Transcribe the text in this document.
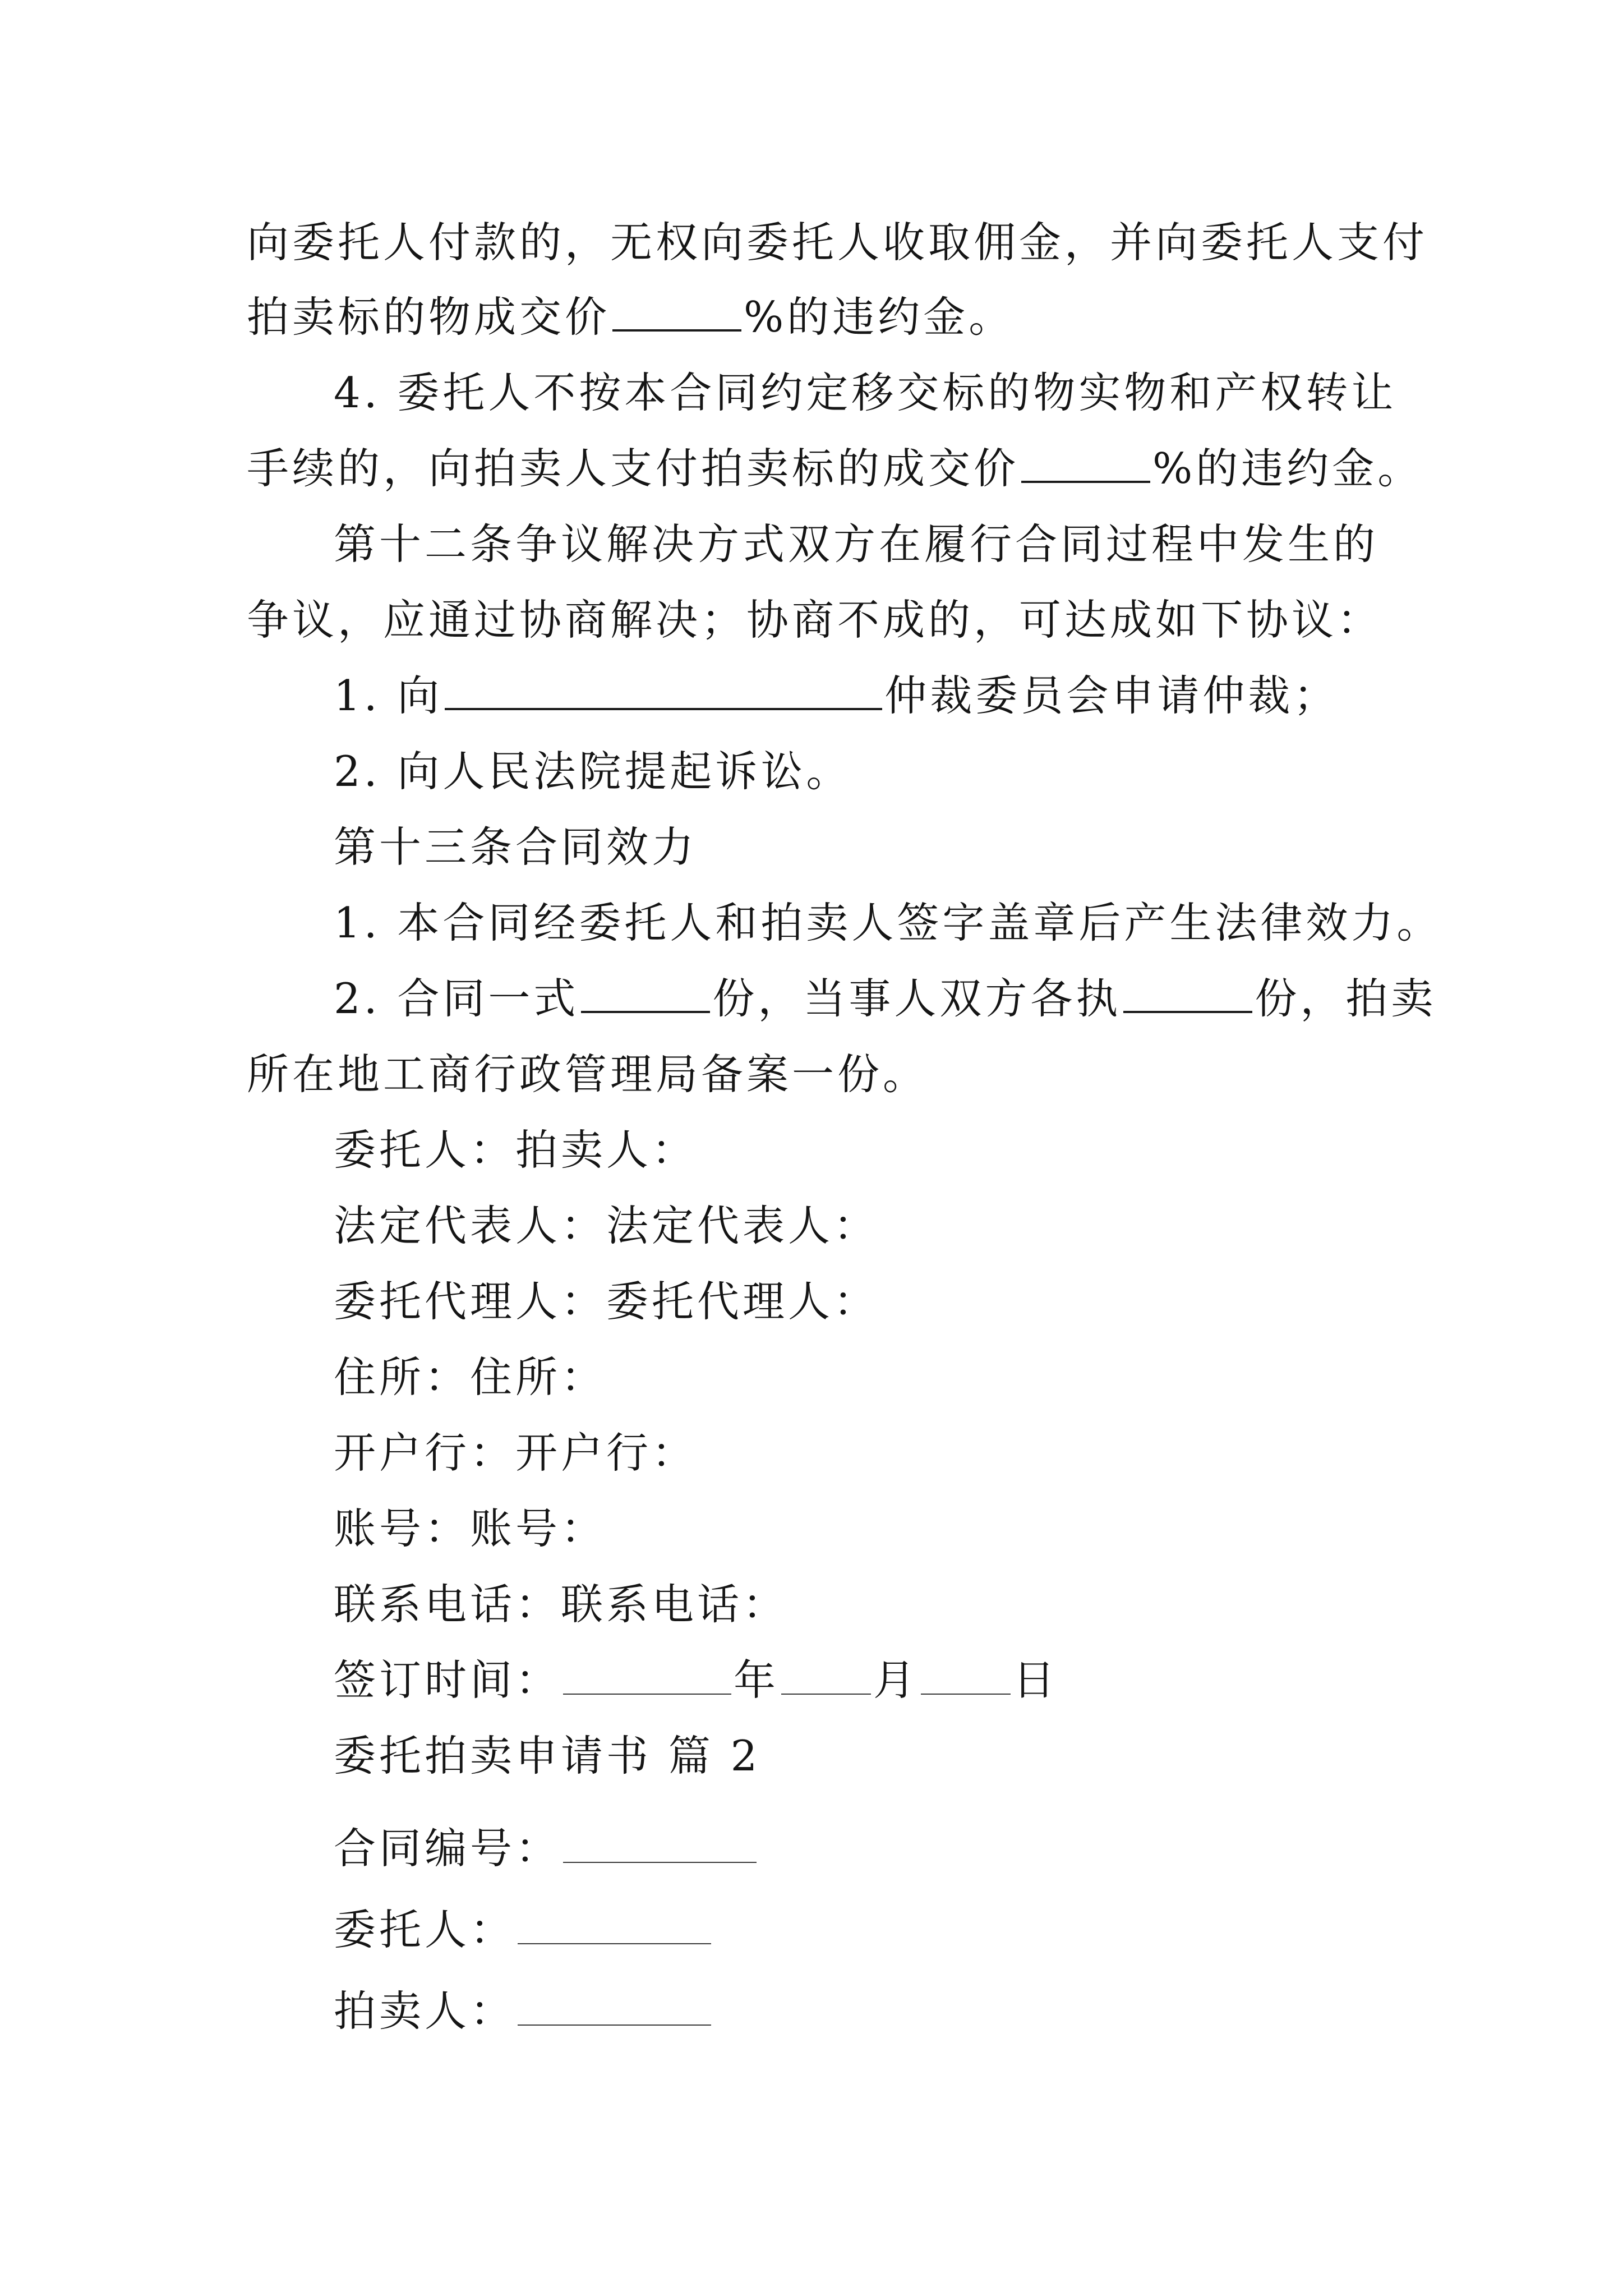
向委托人付款的，无权向委托人收取佣金，并向委托人支付
拍卖标的物成交价	%的违约金。
4. 委托人不按本合同约定移交标的物实物和产权转让
手续的，向拍卖人支付拍卖标的成交价	%的违约金。
第十二条争议解决方式双方在履行合同过程中发生的
争议，应通过协商解决；协商不成的，可达成如下协议：
1. 向	仲裁委员会申请仲裁；
2. 向人民法院提起诉讼。
第十三条合同效力
1. 本合同经委托人和拍卖人签字盖章后产生法律效力。
2. 合同一式	份，当事人双方各执	份，拍卖
所在地工商行政管理局备案一份。
委托人：拍卖人：
法定代表人：法定代表人：
委托代理人：委托代理人：
住所：住所：
开户行：开户行：
账号：账号：
联系电话：联系电话：
签订时间：	年 月 日
委托拍卖申请书 篇 2
合同编号：
委托人：
拍卖人：
